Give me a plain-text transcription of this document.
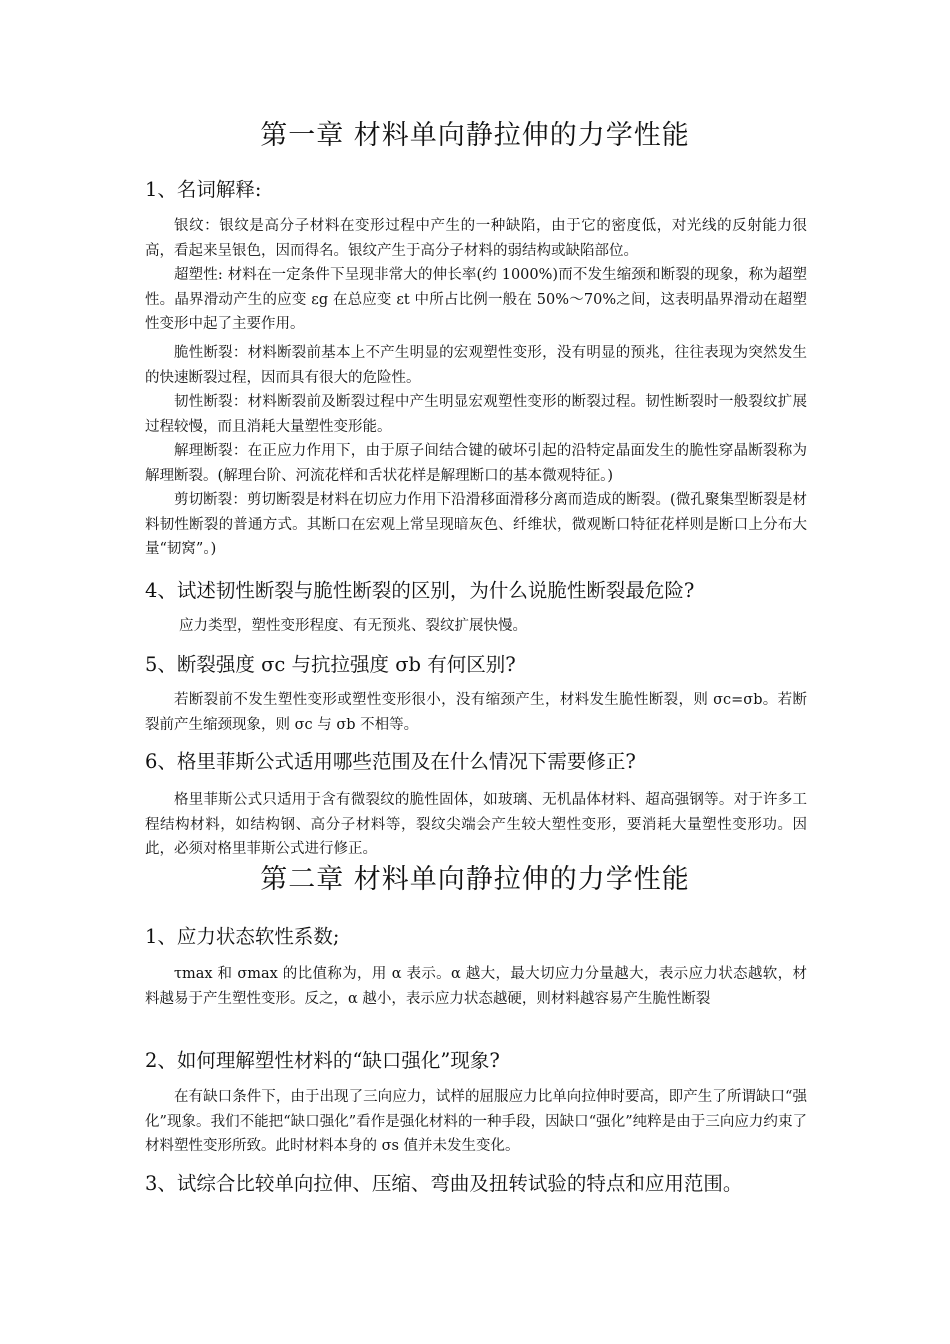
第一章 材料单向静拉伸的力学性能
1、名词解释:

银纹：银纹是高分子材料在变形过程中产生的一种缺陷，由于它的密度低，对光线的反射能力很高，看起来呈银色，因而得名。银纹产生于高分子材料的弱结构或缺陷部位。

超塑性: 材料在一定条件下呈现非常大的伸长率(约 1000%)而不发生缩颈和断裂的现象，称为超塑性。晶界滑动产生的应变 εg 在总应变 εt 中所占比例一般在 50%～70%之间，这表明晶界滑动在超塑性变形中起了主要作用。

脆性断裂：材料断裂前基本上不产生明显的宏观塑性变形，没有明显的预兆，往往表现为突然发生的快速断裂过程，因而具有很大的危险性。

韧性断裂：材料断裂前及断裂过程中产生明显宏观塑性变形的断裂过程。韧性断裂时一般裂纹扩展过程较慢，而且消耗大量塑性变形能。

解理断裂：在正应力作用下，由于原子间结合键的破坏引起的沿特定晶面发生的脆性穿晶断裂称为解理断裂。(解理台阶、河流花样和舌状花样是解理断口的基本微观特征。)

剪切断裂：剪切断裂是材料在切应力作用下沿滑移面滑移分离而造成的断裂。(微孔聚集型断裂是材料韧性断裂的普通方式。其断口在宏观上常呈现暗灰色、纤维状，微观断口特征花样则是断口上分布大量“韧窝”。)

4、试述韧性断裂与脆性断裂的区别，为什么说脆性断裂最危险?

应力类型，塑性变形程度、有无预兆、裂纹扩展快慢。

5、断裂强度 σc 与抗拉强度 σb 有何区别?

若断裂前不发生塑性变形或塑性变形很小，没有缩颈产生，材料发生脆性断裂，则 σc=σb。若断裂前产生缩颈现象，则 σc 与 σb 不相等。

6、格里菲斯公式适用哪些范围及在什么情况下需要修正?

格里菲斯公式只适用于含有微裂纹的脆性固体，如玻璃、无机晶体材料、超高强钢等。对于许多工程结构材料，如结构钢、高分子材料等，裂纹尖端会产生较大塑性变形，要消耗大量塑性变形功。因此，必须对格里菲斯公式进行修正。

第二章 材料单向静拉伸的力学性能
1、应力状态软性系数;

τmax 和 σmax 的比值称为，用 α 表示。α 越大，最大切应力分量越大，表示应力状态越软，材料越易于产生塑性变形。反之，α 越小，表示应力状态越硬，则材料越容易产生脆性断裂

2、如何理解塑性材料的“缺口强化”现象?

在有缺口条件下，由于出现了三向应力，试样的屈服应力比单向拉伸时要高，即产生了所谓缺口“强化”现象。我们不能把“缺口强化”看作是强化材料的一种手段，因缺口“强化”纯粹是由于三向应力约束了材料塑性变形所致。此时材料本身的 σs 值并未发生变化。

3、试综合比较单向拉伸、压缩、弯曲及扭转试验的特点和应用范围。
